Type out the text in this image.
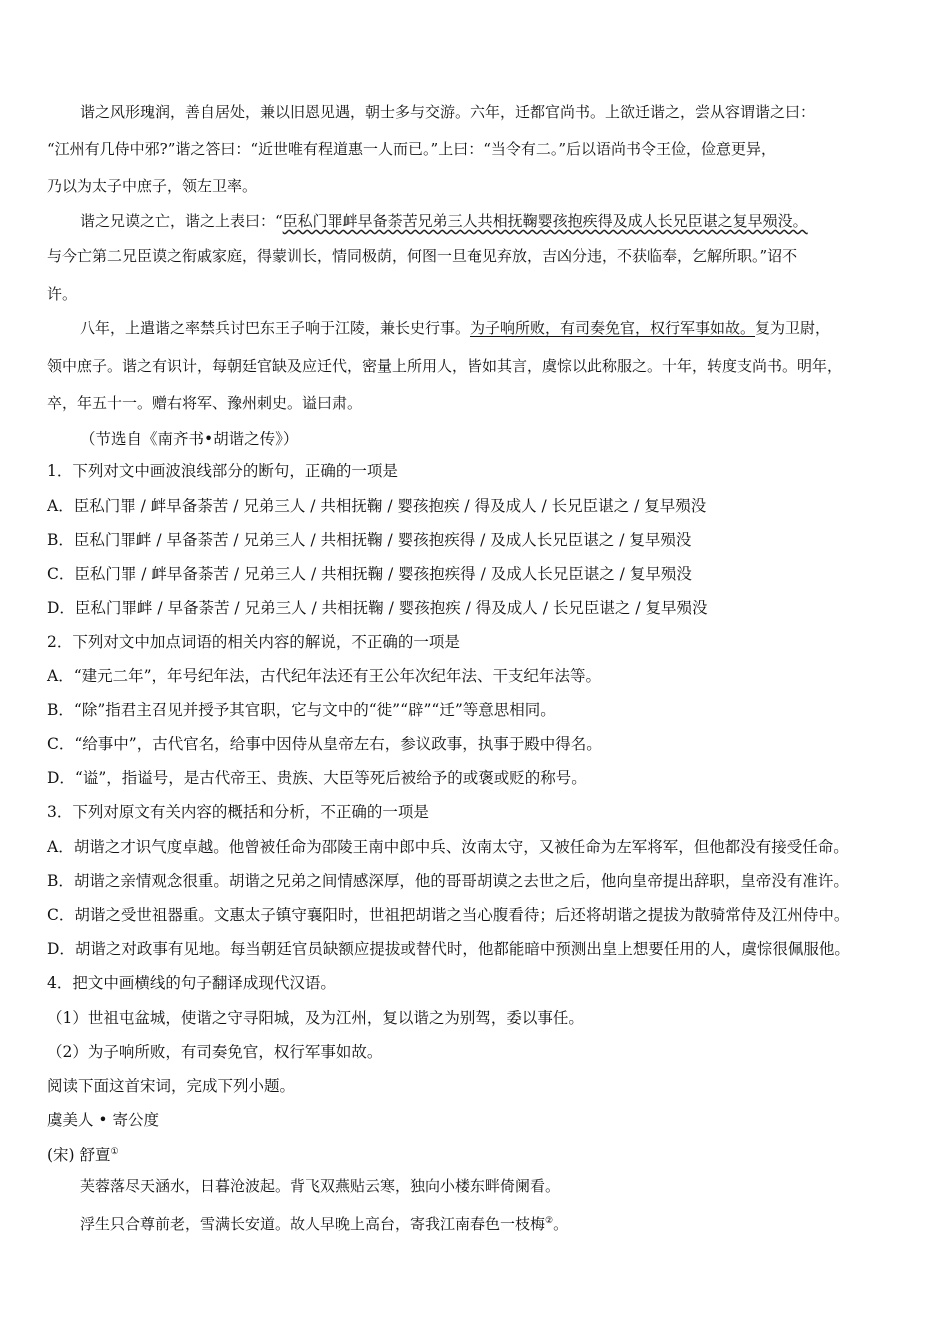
谐之风形瑰润，善自居处，兼以旧恩见遇，朝士多与交游。六年，迁都官尚书。上欲迁谐之，尝从容谓谐之曰：
“江州有几侍中邪?”谐之答曰：“近世唯有程道惠一人而已。”上曰：“当令有二。”后以语尚书令王俭，俭意更异，
乃以为太子中庶子，领左卫率。
谐之兄谟之亡，谐之上表曰：“臣私门罪衅早备荼苦兄弟三人共相抚鞠婴孩抱疾得及成人长兄臣谌之复早殒没。
与今亡第二兄臣谟之衔戚家庭，得蒙训长，情同极荫，何图一旦奄见弃放，吉凶分违，不获临奉，乞解所职。”诏不
许。
八年，上遣谐之率禁兵讨巴东王子响于江陵，兼长史行事。为子响所败，有司奏免官，权行军事如故。复为卫尉，
领中庶子。谐之有识计，每朝廷官缺及应迁代，密量上所用人，皆如其言，虞悰以此称服之。十年，转度支尚书。明年，
卒，年五十一。赠右将军、豫州刺史。谥曰肃。
（节选自《南齐书•胡谐之传》）
1．下列对文中画波浪线部分的断句，正确的一项是
A．臣私门罪 / 衅早备荼苦 / 兄弟三人 / 共相抚鞠 / 婴孩抱疾 / 得及成人 / 长兄臣谌之 / 复早殒没
B．臣私门罪衅 / 早备荼苦 / 兄弟三人 / 共相抚鞠 / 婴孩抱疾得 / 及成人长兄臣谌之 / 复早殒没
C．臣私门罪 / 衅早备荼苦 / 兄弟三人 / 共相抚鞠 / 婴孩抱疾得 / 及成人长兄臣谌之 / 复早殒没
D．臣私门罪衅 / 早备荼苦 / 兄弟三人 / 共相抚鞠 / 婴孩抱疾 / 得及成人 / 长兄臣谌之 / 复早殒没
2．下列对文中加点词语的相关内容的解说，不正确的一项是
A．“建元二年”，年号纪年法，古代纪年法还有王公年次纪年法、干支纪年法等。
B．“除”指君主召见并授予其官职，它与文中的“徙”“辟”“迁”等意思相同。
C．“给事中”，古代官名，给事中因侍从皇帝左右，参议政事，执事于殿中得名。
D．“谥”，指谥号，是古代帝王、贵族、大臣等死后被给予的或褒或贬的称号。
3．下列对原文有关内容的概括和分析，不正确的一项是
A．胡谐之才识气度卓越。他曾被任命为邵陵王南中郎中兵、汝南太守，又被任命为左军将军，但他都没有接受任命。
B．胡谐之亲情观念很重。胡谐之兄弟之间情感深厚，他的哥哥胡谟之去世之后，他向皇帝提出辞职，皇帝没有准许。
C．胡谐之受世祖器重。文惠太子镇守襄阳时，世祖把胡谐之当心腹看待；后还将胡谐之提拔为散骑常侍及江州侍中。
D．胡谐之对政事有见地。每当朝廷官员缺额应提拔或替代时，他都能暗中预测出皇上想要任用的人，虞悰很佩服他。
4．把文中画横线的句子翻译成现代汉语。
（1）世祖屯盆城，使谐之守寻阳城，及为江州，复以谐之为别驾，委以事任。
（2）为子响所败，有司奏免官，权行军事如故。
阅读下面这首宋词，完成下列小题。
虞美人 • 寄公度
(宋) 舒亶①
芙蓉落尽天涵水，日暮沧波起。背飞双燕贴云寒，独向小楼东畔倚阑看。
浮生只合尊前老，雪满长安道。故人早晚上高台，寄我江南春色一枝梅②。
